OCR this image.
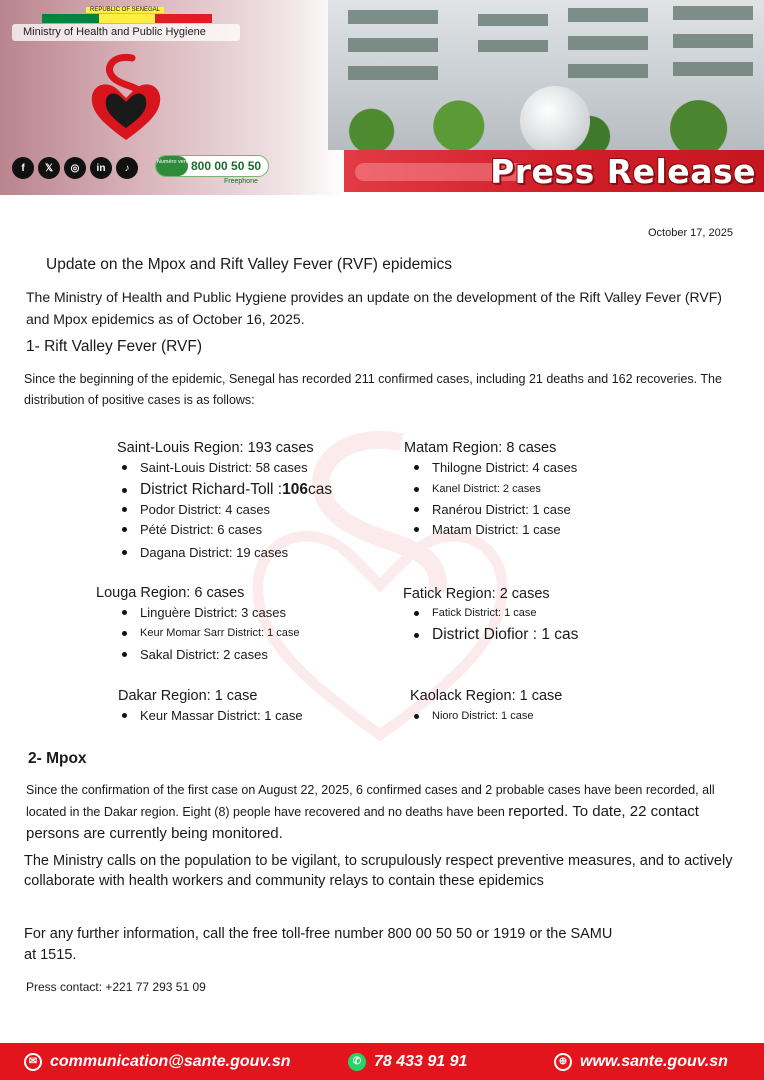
REPUBLIC OF SENEGAL
Ministry of Health and Public Hygiene
f	𝕏	◎	in	♪
Numéro vert 800 00 50 50
Freephone	Press Release
October 17, 2025
Update on the Mpox and Rift Valley Fever (RVF) epidemics
The Ministry of Health and Public Hygiene provides an update on the development of the Rift Valley Fever (RVF) and Mpox epidemics as of October 16, 2025.
1- Rift Valley Fever (RVF)
Since the beginning of the epidemic, Senegal has recorded 211 confirmed cases, including 21 deaths and 162 recoveries. The distribution of positive cases is as follows:
Saint-Louis Region: 193 cases
Saint-Louis District: 58 cases
District Richard-Toll : 106 cas
Podor District: 4 cases
Pété District: 6 cases
Dagana District: 19 cases
Matam Region: 8 cases
Thilogne District: 4 cases
Kanel District: 2 cases
Ranérou District: 1 case
Matam District: 1 case
Louga Region: 6 cases
Linguère District: 3 cases
Keur Momar Sarr District: 1 case
Sakal District: 2 cases
Fatick Region: 2 cases
Fatick District: 1 case
District Diofior : 1 cas
Dakar Region: 1 case
Keur Massar District: 1 case
Kaolack Region: 1 case
Nioro District: 1 case
2- Mpox
Since the confirmation of the first case on August 22, 2025, 6 confirmed cases and 2 probable cases have been recorded, all located in the Dakar region. Eight (8) people have recovered and no deaths have been reported. To date, 22 contact persons are currently being monitored.
The Ministry calls on the population to be vigilant, to scrupulously respect preventive measures, and to actively collaborate with health workers and community relays to contain these epidemics
For any further information, call the free toll-free number 800 00 50 50 or 1919 or the SAMU at 1515.
Press contact: +221 77 293 51 09
✉ communication@sante.gouv.sn	✆ 78 433 91 91	⊕ www.sante.gouv.sn
